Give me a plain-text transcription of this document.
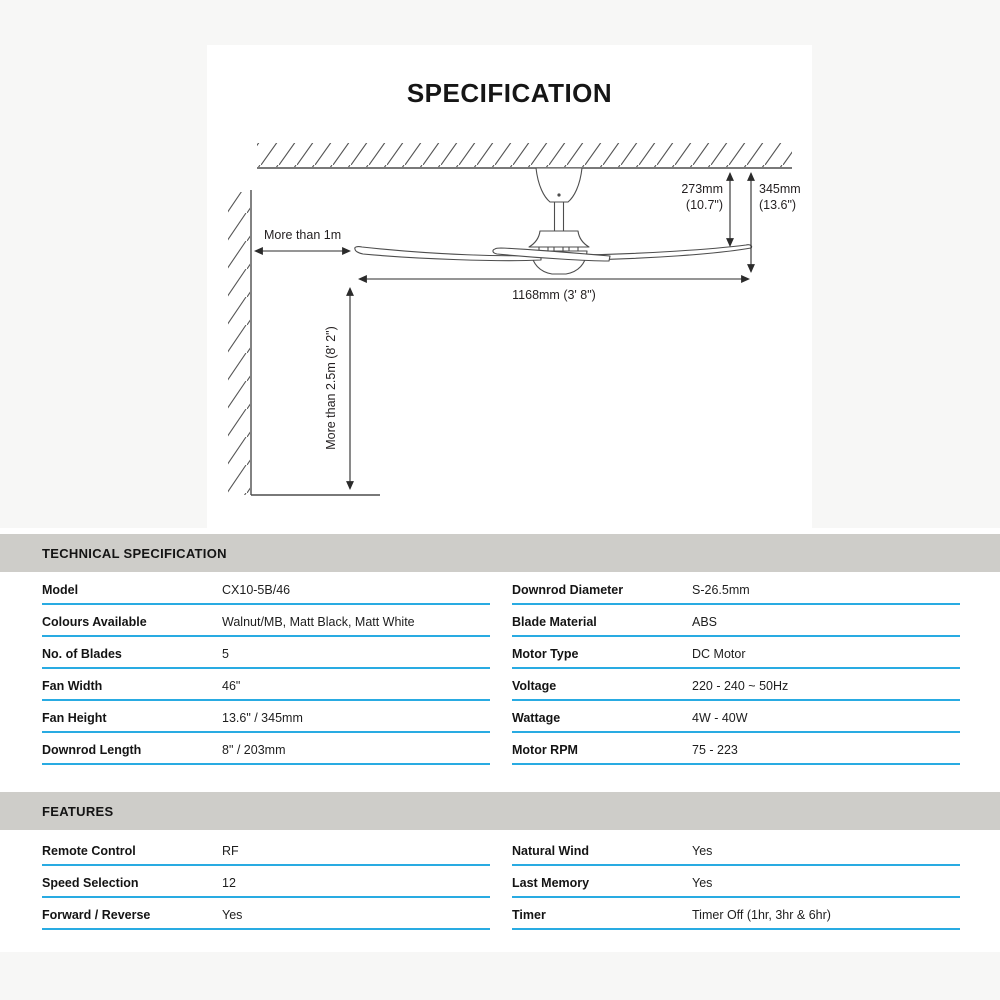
SPECIFICATION
More than 1m
273mm
(10.7")
345mm
(13.6")
1168mm (3' 8")
More than 2.5m (8' 2")
TECHNICAL SPECIFICATION
Model	CX10-5B/46
Colours Available	Walnut/MB, Matt Black, Matt White
No. of Blades	5
Fan Width	46"
Fan Height	13.6" / 345mm
Downrod Length	8" / 203mm
Downrod Diameter	S-26.5mm
Blade Material	ABS
Motor Type	DC Motor
Voltage	220 - 240 ~ 50Hz
Wattage	4W - 40W
Motor RPM	75 - 223
FEATURES
Remote Control	RF
Speed Selection	12
Forward / Reverse	Yes
Natural Wind	Yes
Last Memory	Yes
Timer	Timer Off (1hr, 3hr & 6hr)
